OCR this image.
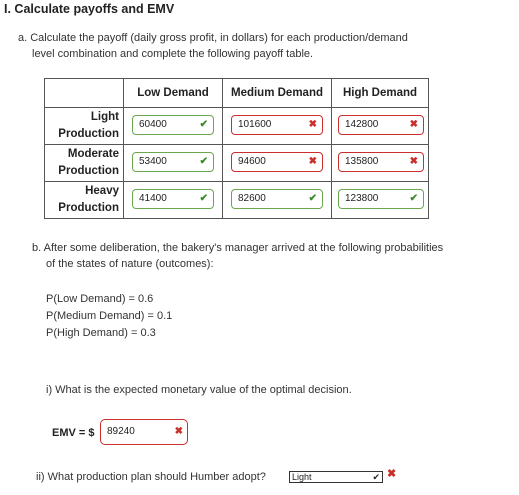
I. Calculate payoffs and EMV
a. Calculate the payoff (daily gross profit, in dollars) for each production/demand
level combination and complete the following payoff table.
	Low Demand	Medium Demand	High Demand
Light
Production	60400 ✔	101600 ✖	142800 ✖

Moderate
Production	53400 ✔	94600 ✖	135800 ✖

Heavy
Production	41400 ✔	82600 ✔	123800 ✔
b. After some deliberation, the bakery's manager arrived at the following probabilities
of the states of nature (outcomes):
P(Low Demand) = 0.6
P(Medium Demand) = 0.1
P(High Demand) = 0.3
i) What is the expected monetary value of the optimal decision.
EMV = $	89240	✖
ii) What production plan should Humber adopt?	Light	✔ ✖
